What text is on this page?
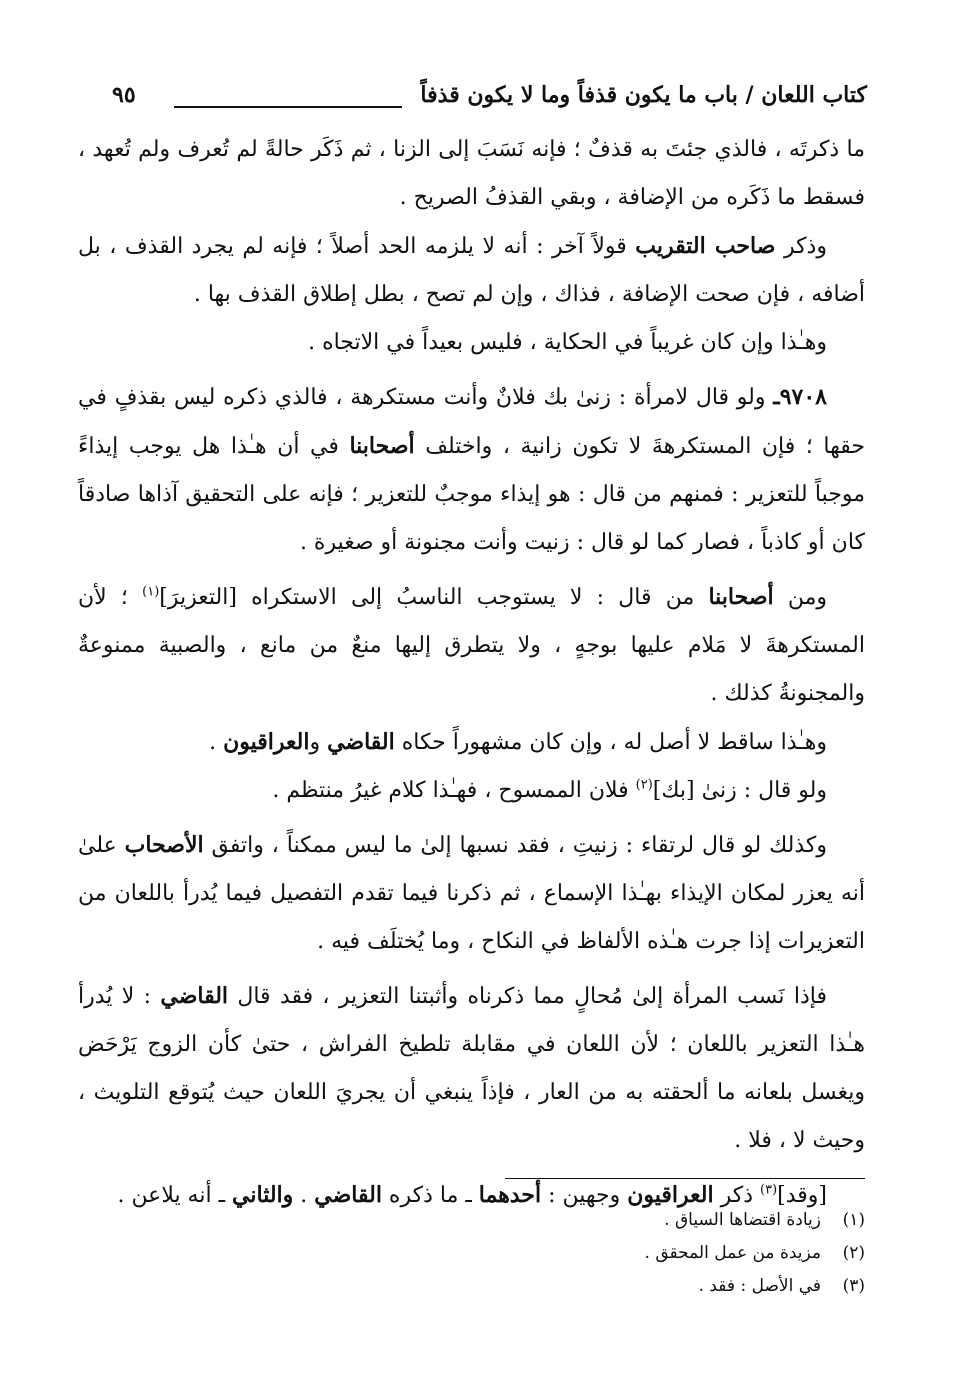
كتاب اللعان / باب ما يكون قذفاً وما لا يكون قذفاً
٩٥

ما ذكرتَه ، فالذي جئتَ به قذفٌ ؛ فإنه نَسَبَ إلى الزنا ، ثم ذَكَر حالةً لم تُعرف ولم تُعهد ، فسقط ما ذَكَره من الإضافة ، وبقي القذفُ الصريح .

وذكر صاحب التقريب قولاً آخر : أنه لا يلزمه الحد أصلاً ؛ فإنه لم يجرد القذف ، بل أضافه ، فإن صحت الإضافة ، فذاك ، وإن لم تصح ، بطل إطلاق القذف بها .

وهـٰذا وإن كان غريباً في الحكاية ، فليس بعيداً في الاتجاه .

٩٧٠٨ـ ولو قال لامرأة : زنىٰ بك فلانٌ وأنت مستكرهة ، فالذي ذكره ليس بقذفٍ في حقها ؛ فإن المستكرهةَ لا تكون زانية ، واختلف أصحابنا في أن هـٰذا هل يوجب إيذاءً موجباً للتعزير : فمنهم من قال : هو إيذاء موجبٌ للتعزير ؛ فإنه على التحقيق آذاها صادقاً كان أو كاذباً ، فصار كما لو قال : زنيت وأنت مجنونة أو صغيرة .

ومن أصحابنا من قال : لا يستوجب الناسبُ إلى الاستكراه [التعزيرَ]$^{(١)}$ ؛ لأن المستكرهةَ لا مَلام عليها بوجهٍ ، ولا يتطرق إليها منعٌ من مانع ، والصبية ممنوعةٌ والمجنونةُ كذلك .

وهـٰذا ساقط لا أصل له ، وإن كان مشهوراً حكاه القاضي والعراقيون .

ولو قال : زنىٰ [بك]$^{(٢)}$ فلان الممسوح ، فهـٰذا كلام غيرُ منتظم .

وكذلك لو قال لرتقاء : زنيتِ ، فقد نسبها إلىٰ ما ليس ممكناً ، واتفق الأصحاب علىٰ أنه يعزر لمكان الإيذاء بهـٰذا الإسماع ، ثم ذكرنا فيما تقدم التفصيل فيما يُدرأ باللعان من التعزيرات إذا جرت هـٰذه الألفاظ في النكاح ، وما يُختلَف فيه .

فإذا نَسب المرأة إلىٰ مُحالٍ مما ذكرناه وأثبتنا التعزير ، فقد قال القاضي : لا يُدرأ هـٰذا التعزير باللعان ؛ لأن اللعان في مقابلة تلطيخ الفراش ، حتىٰ كأن الزوج يَرْحَض ويغسل بلعانه ما ألحقته به من العار ، فإذاً ينبغي أن يجريَ اللعان حيث يُتوقع التلويث ، وحيث لا ، فلا .

[وقد]$^{(٣)}$ ذكر العراقيون وجهين : أحدهما ـ ما ذكره القاضي . والثاني ـ أنه يلاعن .

(١)زيادة اقتضاها السياق .
(٢)مزيدة من عمل المحقق .
(٣)في الأصل : فقد .
